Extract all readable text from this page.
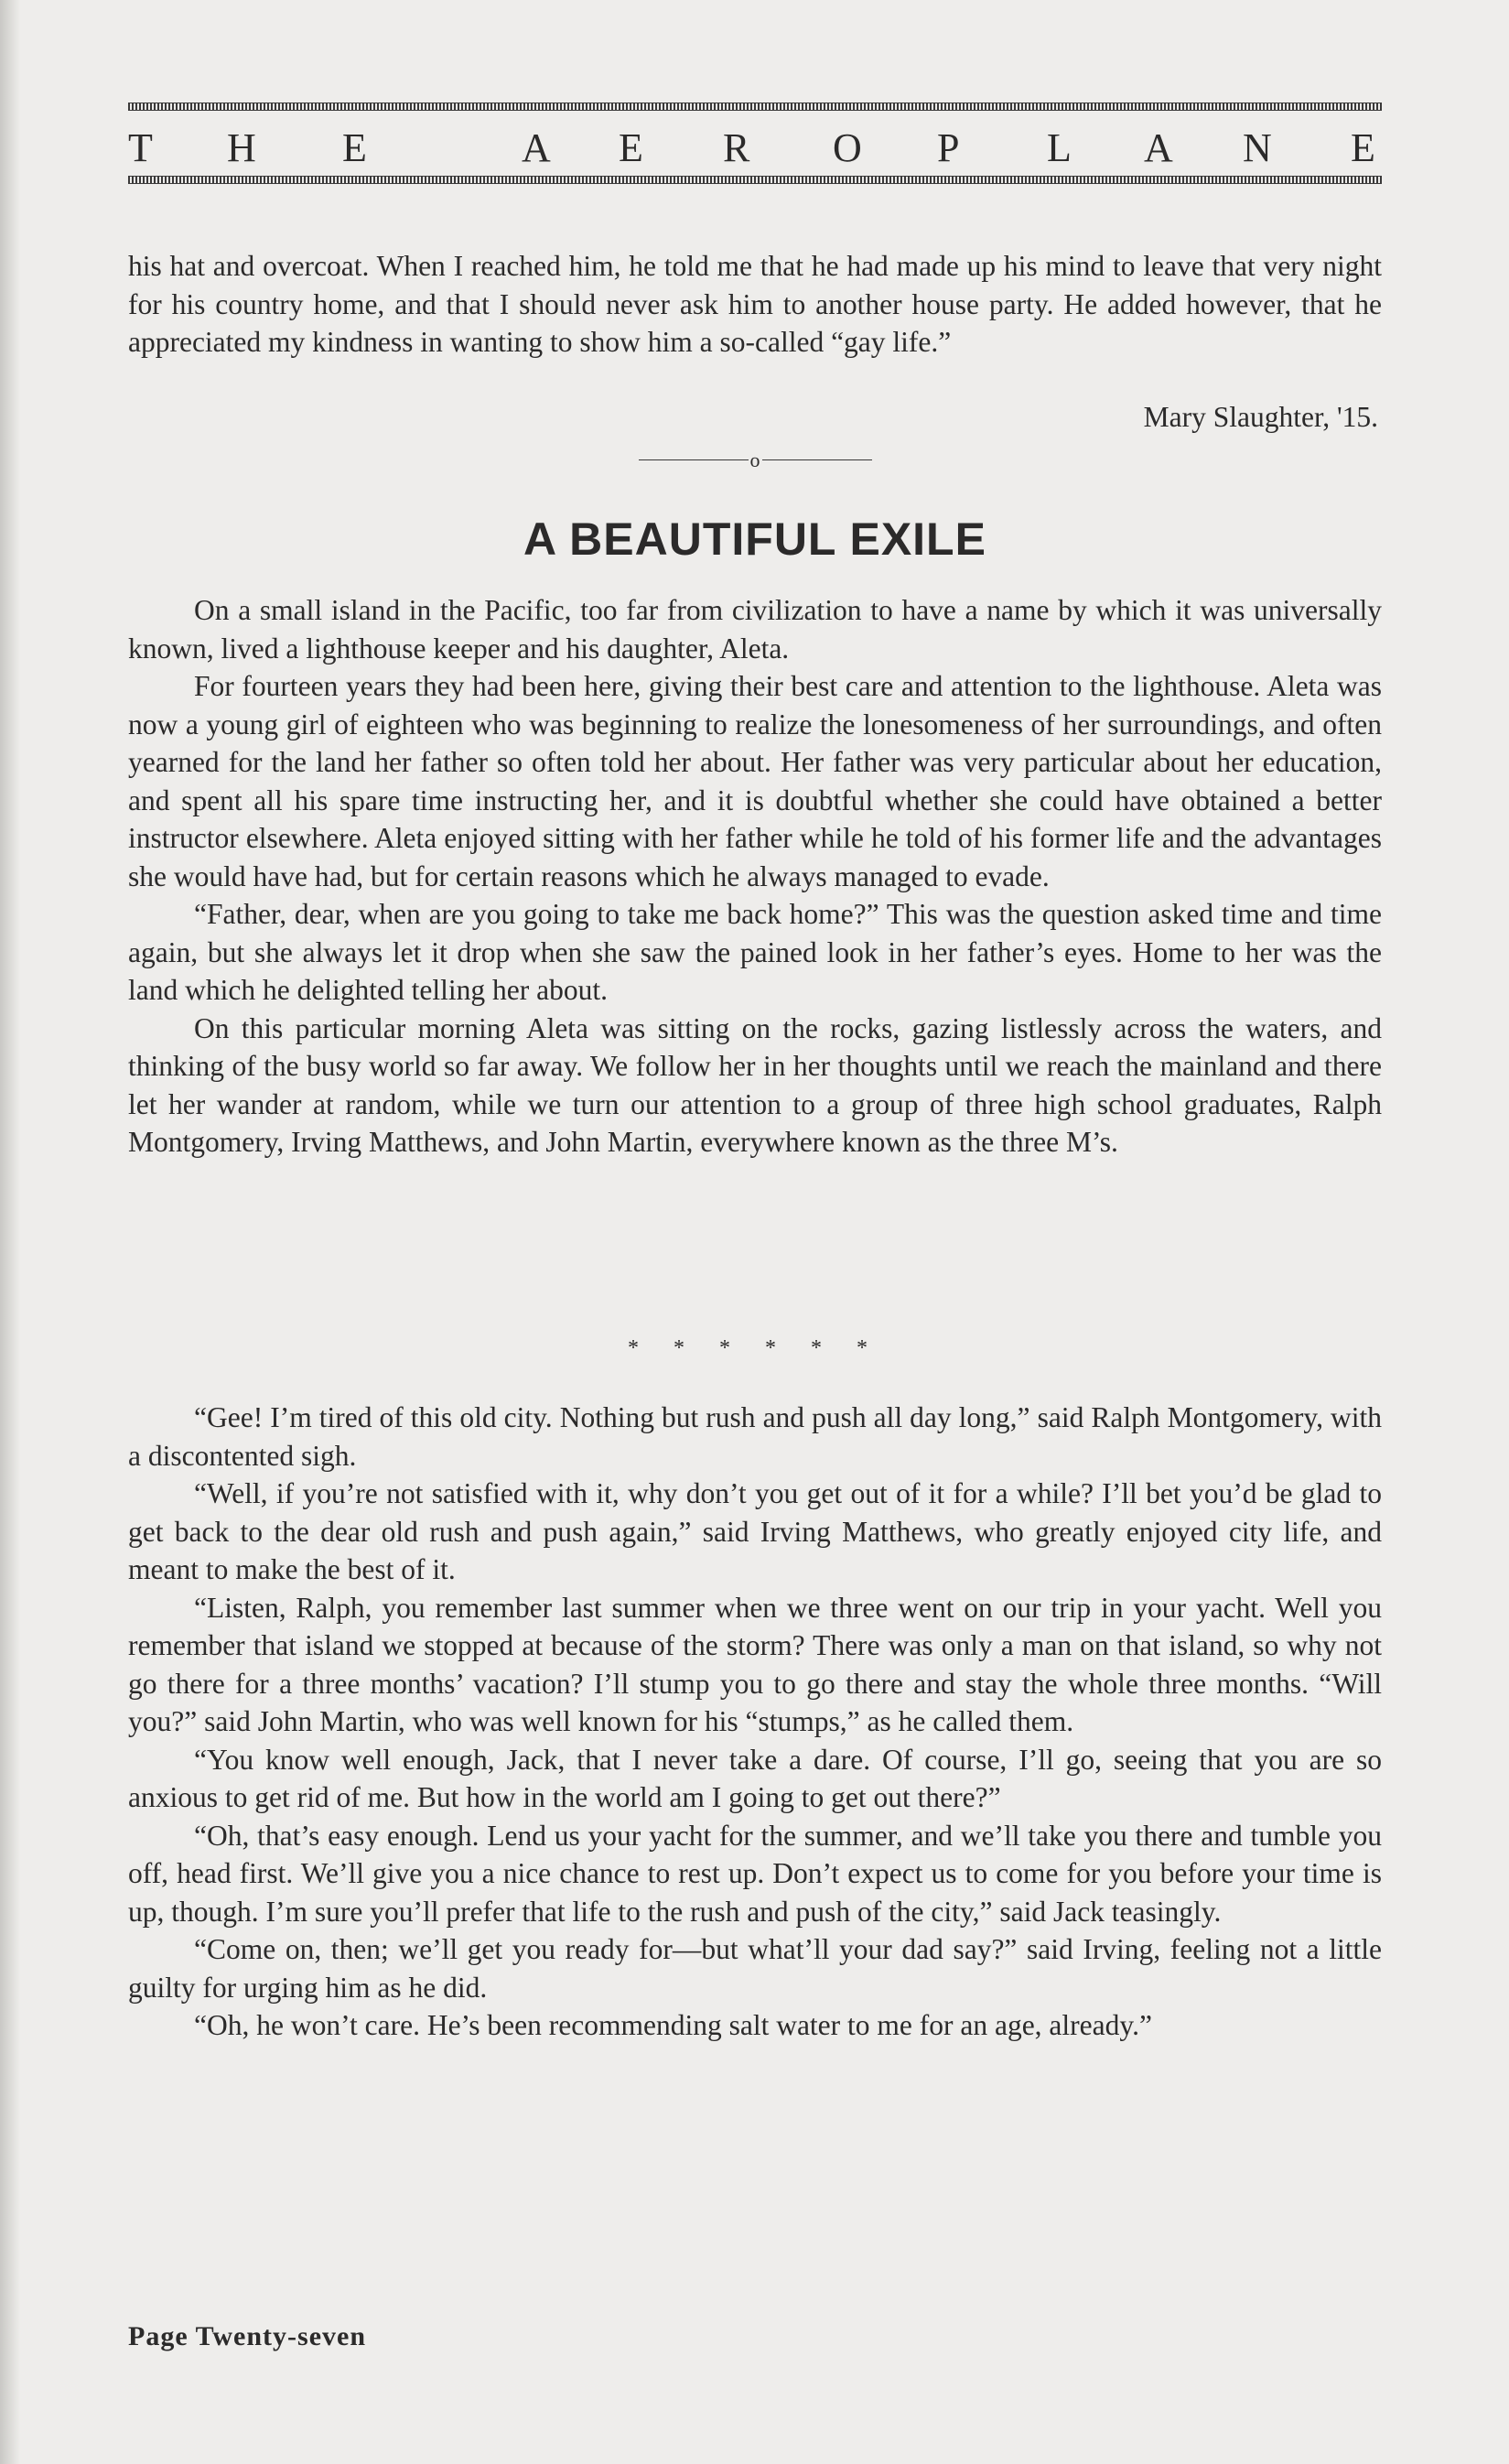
T H E	A E R O P L A N E

his hat and overcoat. When I reached him, he told me that he had made up his mind to leave that very night for his country home, and that I should never ask him to another house party. He added however, that he appreciated my kindness in wanting to show him a so-called “gay life.”

Mary Slaughter, '15.
o
A BEAUTIFUL EXILE

On a small island in the Pacific, too far from civilization to have a name by which it was universally known, lived a lighthouse keeper and his daughter, Aleta.

For fourteen years they had been here, giving their best care and attention to the lighthouse. Aleta was now a young girl of eighteen who was beginning to realize the lonesomeness of her surroundings, and often yearned for the land her father so often told her about. Her father was very particular about her education, and spent all his spare time instructing her, and it is doubtful whether she could have obtained a better instructor elsewhere. Aleta enjoyed sitting with her father while he told of his former life and the advantages she would have had, but for certain reasons which he always managed to evade.

“Father, dear, when are you going to take me back home?” This was the question asked time and time again, but she always let it drop when she saw the pained look in her father’s eyes. Home to her was the land which he delighted telling her about.

On this particular morning Aleta was sitting on the rocks, gazing listlessly across the waters, and thinking of the busy world so far away. We follow her in her thoughts until we reach the mainland and there let her wander at random, while we turn our attention to a group of three high school graduates, Ralph Montgomery, Irving Matthews, and John Martin, everywhere known as the three M’s.

* * * * * *

“Gee! I’m tired of this old city. Nothing but rush and push all day long,” said Ralph Montgomery, with a discontented sigh.

“Well, if you’re not satisfied with it, why don’t you get out of it for a while? I’ll bet you’d be glad to get back to the dear old rush and push again,” said Irving Matthews, who greatly enjoyed city life, and meant to make the best of it.

“Listen, Ralph, you remember last summer when we three went on our trip in your yacht. Well you remember that island we stopped at because of the storm? There was only a man on that island, so why not go there for a three months’ vacation? I’ll stump you to go there and stay the whole three months. “Will you?” said John Martin, who was well known for his “stumps,” as he called them.

“You know well enough, Jack, that I never take a dare. Of course, I’ll go, seeing that you are so anxious to get rid of me. But how in the world am I going to get out there?”

“Oh, that’s easy enough. Lend us your yacht for the summer, and we’ll take you there and tumble you off, head first. We’ll give you a nice chance to rest up. Don’t expect us to come for you before your time is up, though. I’m sure you’ll prefer that life to the rush and push of the city,” said Jack teasingly.

“Come on, then; we’ll get you ready for—but what’ll your dad say?” said Irving, feeling not a little guilty for urging him as he did.

“Oh, he won’t care. He’s been recommending salt water to me for an age, already.”

Page Twenty-seven
